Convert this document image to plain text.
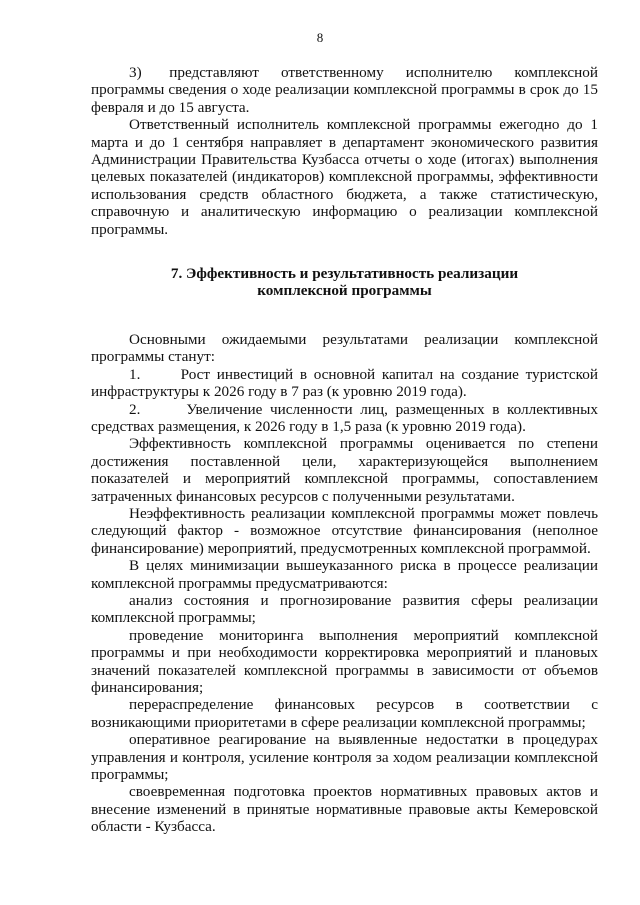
8

3)     представляют    ответственному    исполнителю    комплексной программы сведения о ходе реализации комплексной программы в срок до 15 февраля и до 15 августа.

Ответственный исполнитель комплексной программы ежегодно до 1 марта и до 1 сентября направляет в департамент экономического развития Администрации Правительства Кузбасса отчеты о ходе (итогах) выполнения целевых показателей (индикаторов) комплексной программы, эффективности использования средств областного бюджета, а также статистическую, справочную и аналитическую информацию о реализации комплексной программы.

7. Эффективность и результативность реализации
комплексной программы

Основными ожидаемыми результатами реализации комплексной программы станут:

1.      Рост инвестиций в основной капитал на создание туристской инфраструктуры к 2026 году в 7 раз (к уровню 2019 года).

2.      Увеличение численности лиц, размещенных в коллективных средствах размещения, к 2026 году в 1,5 раза (к уровню 2019 года).

Эффективность комплексной программы оценивается по степени достижения поставленной цели, характеризующейся выполнением показателей и мероприятий комплексной программы, сопоставлением затраченных финансовых ресурсов с полученными результатами.

Неэффективность реализации комплексной программы может повлечь следующий фактор - возможное отсутствие финансирования (неполное финансирование) мероприятий, предусмотренных комплексной программой.

В целях минимизации вышеуказанного риска в процессе реализации комплексной программы предусматриваются:

анализ состояния и прогнозирование развития сферы реализации комплексной программы;

проведение мониторинга выполнения мероприятий комплексной программы и при необходимости корректировка мероприятий и плановых значений показателей комплексной программы в зависимости от объемов финансирования;

перераспределение финансовых ресурсов в соответствии с возникающими приоритетами в сфере реализации комплексной программы;

оперативное реагирование на выявленные недостатки в процедурах управления и контроля, усиление контроля за ходом реализации комплексной программы;

своевременная подготовка проектов нормативных правовых актов и внесение изменений в принятые нормативные правовые акты Кемеровской области - Кузбасса.
